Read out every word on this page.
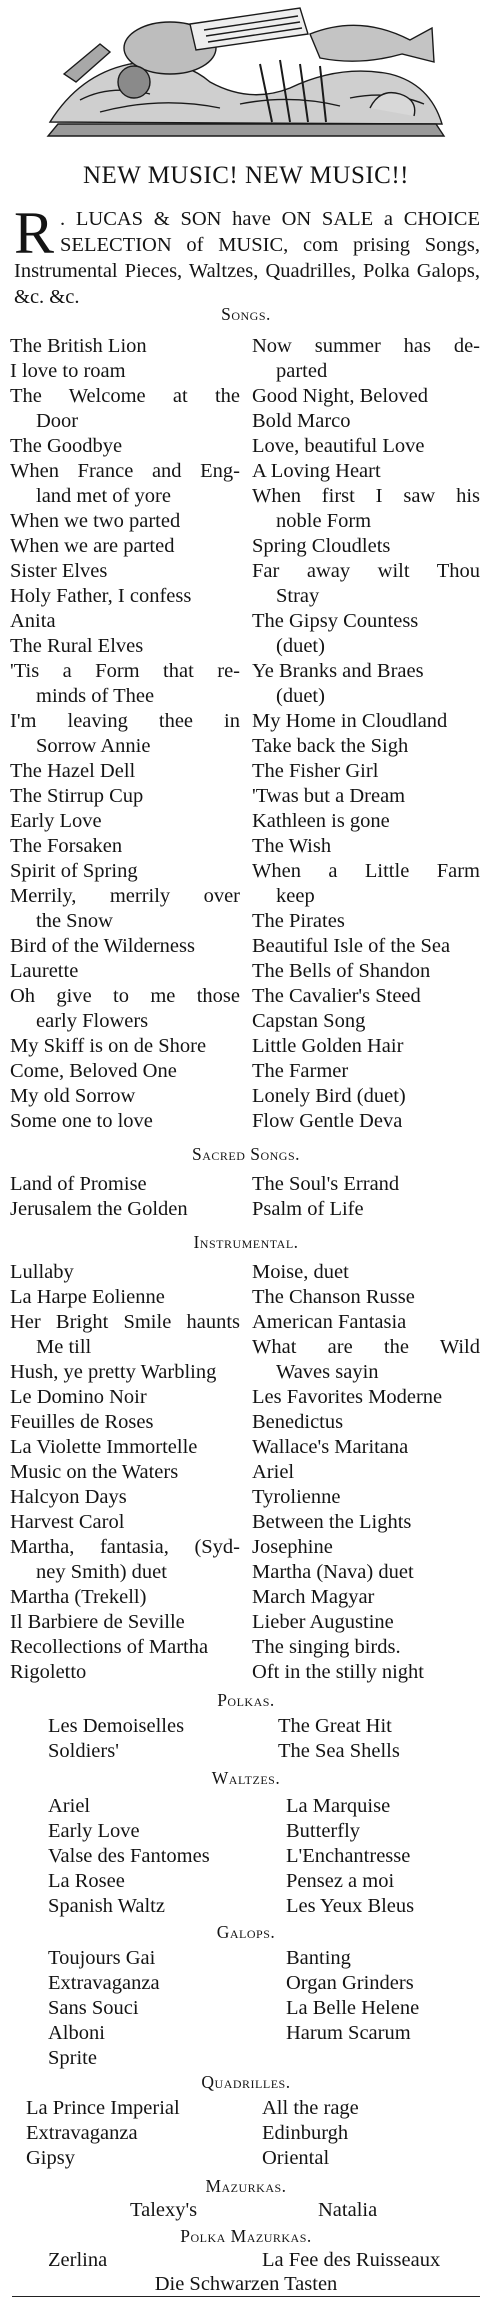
NEW MUSIC! NEW MUSIC!!
R . LUCAS & SON have ON SALE a CHOICE SELECTION of MUSIC, com prising Songs, Instrumental Pieces, Waltzes, Quadrilles, Polka Galops, &c. &c.
Songs.
The British Lion
I love to roam
The Welcome at the
Door
The Goodbye
When France and Eng-
land met of yore
When we two parted
When we are parted
Sister Elves
Holy Father, I confess
Anita
The Rural Elves
'Tis a Form that re-
minds of Thee
I'm leaving thee in
Sorrow Annie
The Hazel Dell
The Stirrup Cup
Early Love
The Forsaken
Spirit of Spring
Merrily, merrily over
the Snow
Bird of the Wilderness
Laurette
Oh give to me those
early Flowers
My Skiff is on de Shore
Come, Beloved One
My old Sorrow
Some one to love
Now summer has de-
parted
Good Night, Beloved
Bold Marco
Love, beautiful Love
A Loving Heart
When first I saw his
noble Form
Spring Cloudlets
Far away wilt Thou
Stray
The Gipsy Countess
(duet)
Ye Branks and Braes
(duet)
My Home in Cloudland
Take back the Sigh
The Fisher Girl
'Twas but a Dream
Kathleen is gone
The Wish
When a Little Farm
keep
The Pirates
Beautiful Isle of the Sea
The Bells of Shandon
The Cavalier's Steed
Capstan Song
Little Golden Hair
The Farmer
Lonely Bird (duet)
Flow Gentle Deva
Sacred Songs.
Land of Promise
Jerusalem the Golden
The Soul's Errand
Psalm of Life
Instrumental.
Lullaby
La Harpe Eolienne
Her Bright Smile haunts
Me till
Hush, ye pretty Warbling
Le Domino Noir
Feuilles de Roses
La Violette Immortelle
Music on the Waters
Halcyon Days
Harvest Carol
Martha, fantasia, (Syd-
ney Smith) duet
Martha (Trekell)
Il Barbiere de Seville
Recollections of Martha
Rigoletto
Moise, duet
The Chanson Russe
American Fantasia
What are the Wild
Waves sayin
Les Favorites Moderne
Benedictus
Wallace's Maritana
Ariel
Tyrolienne
Between the Lights
Josephine
Martha (Nava) duet
March Magyar
Lieber Augustine
The singing birds.
Oft in the stilly night
Polkas.
Les Demoiselles
Soldiers'
The Great Hit
The Sea Shells
Waltzes.
Ariel
Early Love
Valse des Fantomes
La Rosee
Spanish Waltz
La Marquise
Butterfly
L'Enchantresse
Pensez a moi
Les Yeux Bleus
Galops.
Toujours Gai
Extravaganza
Sans Souci
Alboni
Sprite
Banting
Organ Grinders
La Belle Helene
Harum Scarum
Quadrilles.
La Prince Imperial
Extravaganza
Gipsy
All the rage
Edinburgh
Oriental
Mazurkas.
Talexy's	Natalia
Polka Mazurkas.
Zerlina	La Fee des Ruisseaux
Die Schwarzen Tasten
